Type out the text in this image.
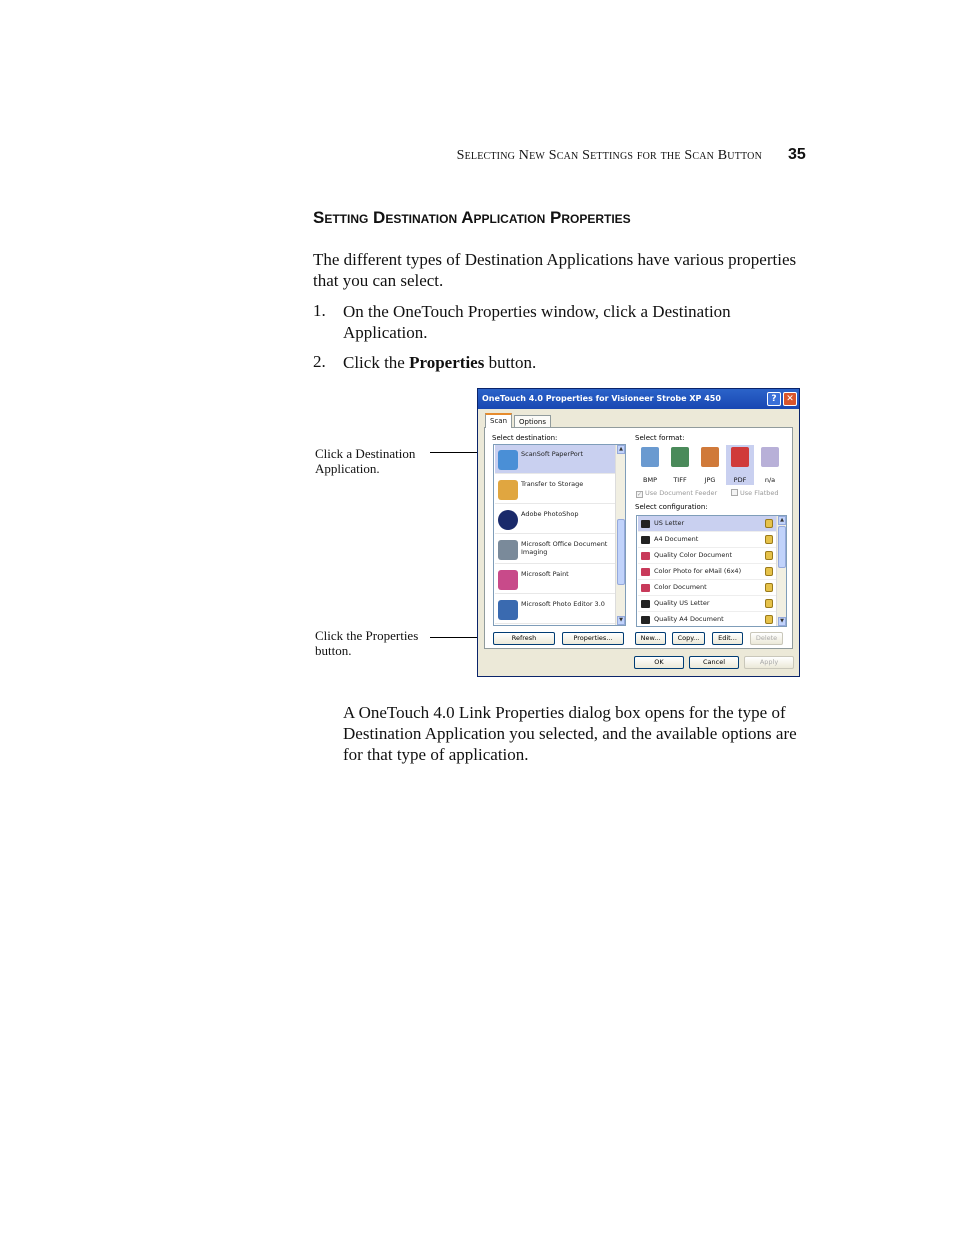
Selecting New Scan Settings for the Scan Button 35
Setting Destination Application Properties
The different types of Destination Applications have various properties that you can select.
1. On the OneTouch Properties window, click a Destination Application.
2. Click the Properties button.
Click a Destination Application.
Click the Properties button.
OneTouch 4.0 Properties for Visioneer Strobe XP 450	?	✕
Options
Select destination:
ScanSoft PaperPort
Transfer to Storage
Adobe PhotoShop
Microsoft Office Document Imaging
Microsoft Paint
Microsoft Photo Editor 3.0
▲
▼
Select format:
BMP	TIFF	JPG	PDF	n/a
✓ Use Document Feeder	Use Flatbed
Select configuration:
US Letter
A4 Document
Quality Color Document
Color Photo for eMail (6x4)
Color Document
Quality US Letter
Quality A4 Document
▲
▼
Refresh	Properties...	New...	Copy...	Edit...	Delete
Scan
OK	Cancel	Apply
A OneTouch 4.0 Link Properties dialog box opens for the type of Destination Application you selected, and the available options are for that type of application.
